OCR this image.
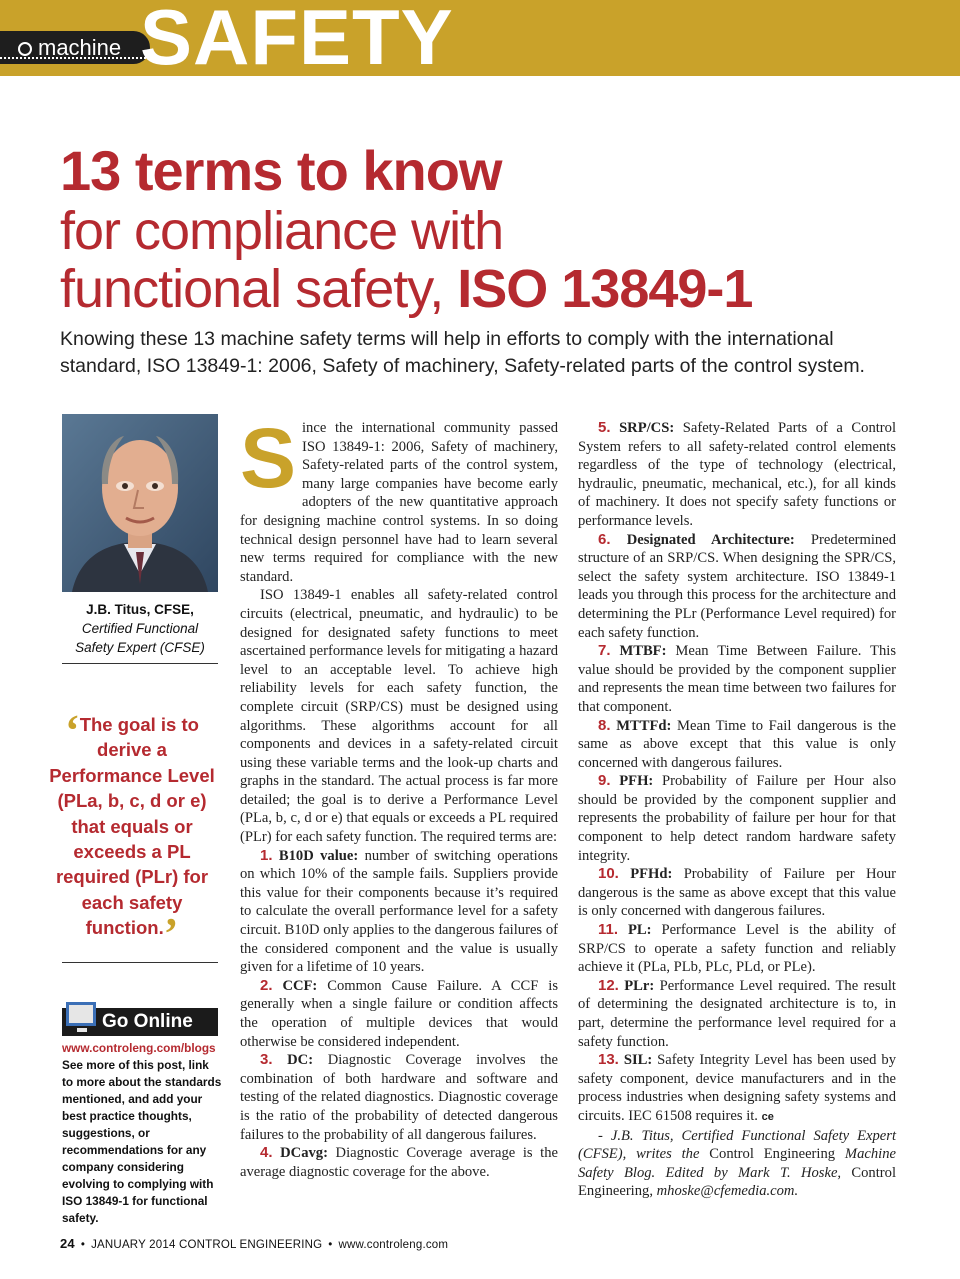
machine SAFETY
13 terms to know
for compliance with
functional safety, ISO 13849-1
Knowing these 13 machine safety terms will help in efforts to comply with the international standard, ISO 13849-1: 2006, Safety of machinery, Safety-related parts of the control system.
J.B. Titus, CFSE,
Certified Functional
Safety Expert (CFSE)
‘The goal is to derive a Performance Level (PLa, b, c, d or e) that equals or exceeds a PL required (PLr) for each safety function.’
Go Online
www.controleng.com/blogs
See more of this post, link to more about the standards mentioned, and add your best practice thoughts, suggestions, or recommendations for any company considering evolving to complying with ISO 13849-1 for functional safety.

Since the international community passed ISO 13849-1: 2006, Safety of machinery, Safety-related parts of the control system, many large companies have become early adopters of the new quantitative approach for designing machine control systems. In so doing technical design personnel have had to learn several new terms required for compliance with the new standard.

ISO 13849-1 enables all safety-related control circuits (electrical, pneumatic, and hydraulic) to be designed for designated safety functions to meet ascertained performance levels for mitigating a hazard level to an acceptable level. To achieve high reliability levels for each safety function, the complete circuit (SRP/CS) must be designed using algorithms. These algorithms account for all components and devices in a safety-related circuit using these variable terms and the look-up charts and graphs in the standard. The actual process is far more detailed; the goal is to derive a Performance Level (PLa, b, c, d or e) that equals or exceeds a PL required (PLr) for each safety function. The required terms are:

1. B10D value: number of switching operations on which 10% of the sample fails. Suppliers provide this value for their components because it’s required to calculate the overall performance level for a safety circuit. B10D only applies to the dangerous failures of the considered component and the value is usually given for a lifetime of 10 years.

2. CCF: Common Cause Failure. A CCF is generally when a single failure or condition affects the operation of multiple devices that would otherwise be considered independent.

3. DC: Diagnostic Coverage involves the combination of both hardware and software and testing of the related diagnostics. Diagnostic coverage is the ratio of the probability of detected dangerous failures to the probability of all dangerous failures.

4. DCavg: Diagnostic Coverage average is the average diagnostic coverage for the above.

5. SRP/CS: Safety-Related Parts of a Control System refers to all safety-related control elements regardless of the type of technology (electrical, hydraulic, pneumatic, mechanical, etc.), for all kinds of machinery. It does not specify safety functions or performance levels.

6. Designated Architecture: Predetermined structure of an SRP/CS. When designing the SPR/CS, select the safety system architecture. ISO 13849-1 leads you through this process for the architecture and determining the PLr (Performance Level required) for each safety function.

7. MTBF: Mean Time Between Failure. This value should be provided by the component supplier and represents the mean time between two failures for that component.

8. MTTFd: Mean Time to Fail dangerous is the same as above except that this value is only concerned with dangerous failures.

9. PFH: Probability of Failure per Hour also should be provided by the component supplier and represents the probability of failure per hour for that component to help detect random hardware safety integrity.

10. PFHd: Probability of Failure per Hour dangerous is the same as above except that this value is only concerned with dangerous failures.

11. PL: Performance Level is the ability of SRP/CS to operate a safety function and reliably achieve it (PLa, PLb, PLc, PLd, or PLe).

12. PLr: Performance Level required. The result of determining the designated architecture is to, in part, determine the performance level required for a safety function.

13. SIL: Safety Integrity Level has been used by safety component, device manufacturers and in the process industries when designing safety systems and circuits. IEC 61508 requires it. ce

- J.B. Titus, Certified Functional Safety Expert (CFSE), writes the Control Engineering Machine Safety Blog. Edited by Mark T. Hoske, Control Engineering, mhoske@cfemedia.com.

24 • JANUARY 2014 CONTROL ENGINEERING • www.controleng.com
